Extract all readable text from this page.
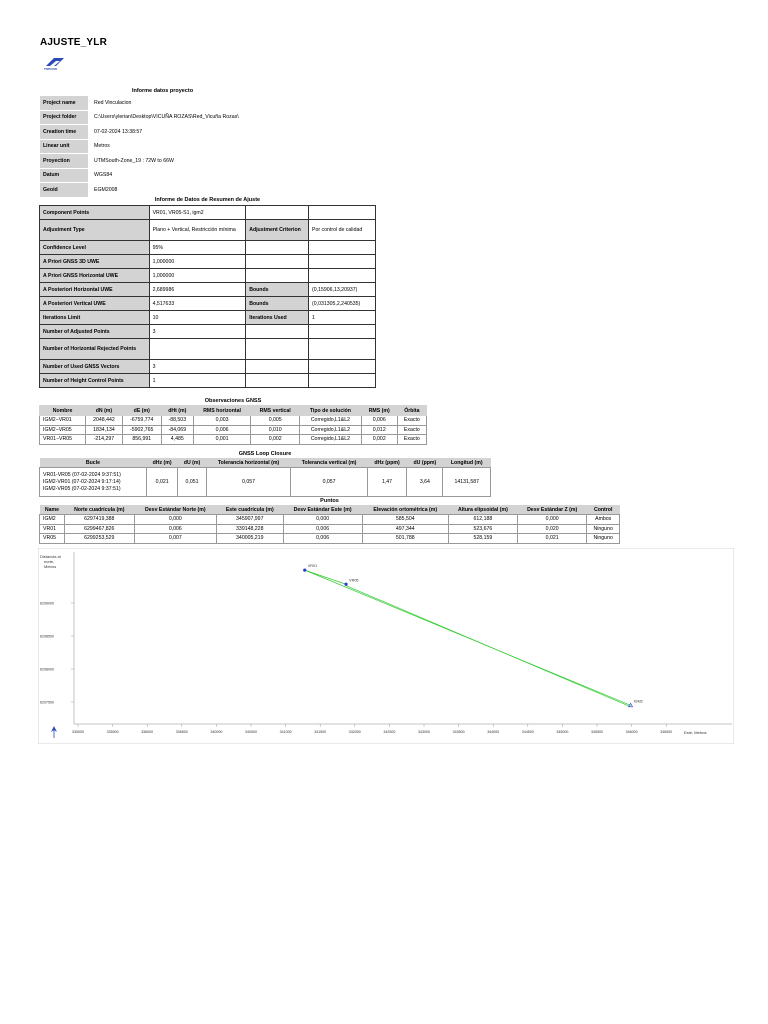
AJUSTE_YLR
TOPCON
Informe datos proyecto
Project name	Red Vinculacion
Project folder	C:\Users\ylerian\Desktop\VICUÑA ROZAS\Red_Vicuña Rozas\
Creation time	07-02-2024 13:38:57
Linear unit	Metros
Proyection	UTMSouth-Zone_19 : 72W to 66W
Datum	WGS84
Geoid	EGM2008
Informe de Datos de Resumen de Ajuste
Component Points	VR01, VR05-S1, igm2		
Adjustment Type	Plano + Vertical, Restricción mínima	Adjustment Criterion	Por control de calidad
Confidence Level	95%		
A Priori GNSS 3D UWE	1,000000		
A Priori GNSS Horizontal UWE	1,000000		
A Posteriori Horizontal UWE	2,689986	Bounds	(0,15906,13,20937)
A Posteriori Vertical UWE	4,517633	Bounds	(0,031305,2,240535)
Iterations Limit	10	Iterations Used	1
Number of Adjusted Points	3		
Number of Horizontal Rejected Points			
Number of Used GNSS Vectors	3		
Number of Height Control Points	1		
Observaciones GNSS
Nombre	dN (m)	dE (m)	dHt (m)	RMS horizontal	RMS vertical	Tipo de solución	RMS (m)	Órbita
IGM2−VR01	2048,442	-6759,774	-88,503	0,003	0,005	Corregido,L1&L2	0,006	Exacto
IGM2−VR05	1834,134	-5902,765	-84,069	0,006	0,010	Corregido,L1&L2	0,012	Exacto
VR01−VR05	-214,297	856,991	4,485	0,001	0,002	Corregido,L1&L2	0,002	Exacto
GNSS Loop Closure
Bucle	dHz (m)	dU (m)	Tolerancia horizontal (m)	Tolerancia vertical (m)	dHz (ppm)	dU (ppm)	Longitud (m)

VR01-VR05 (07-02-2024 9:37:51)
IGM2-VR01 (07-02-2024 9:17:14)
IGM2-VR05 (07-02-2024 9:37:51)	0,021	0,051	0,057	0,057	1,47	3,64	14131,587
Puntos
Name	Norte cuadrícula (m)	Desv Estándar Norte (m)	Este cuadrícula (m)	Desv Estándar Este (m)	Elevación ortométrica (m)	Altura elipsoidal (m)	Desv Estándar Z (m)	Control
IGM2	6297419,388	0,000	345907,997	0,000	585,504	612,188	0,000	Ambos
VR01	6299467,826	0,006	339148,228	0,006	497,344	523,676	0,020	Ninguno
VR05	6299253,529	0,007	340005,219	0,006	501,788	528,159	0,021	Ninguno
Distancia al norte, Metros
Este, Metros
335000	335500	336000	336500	340000	340500	341000	341500	342000	342500	343000	343500	344000	344500	345000	345500	346000	346500
6299000
6298500
6298000
6297500
VR01
VR05
IGM2
